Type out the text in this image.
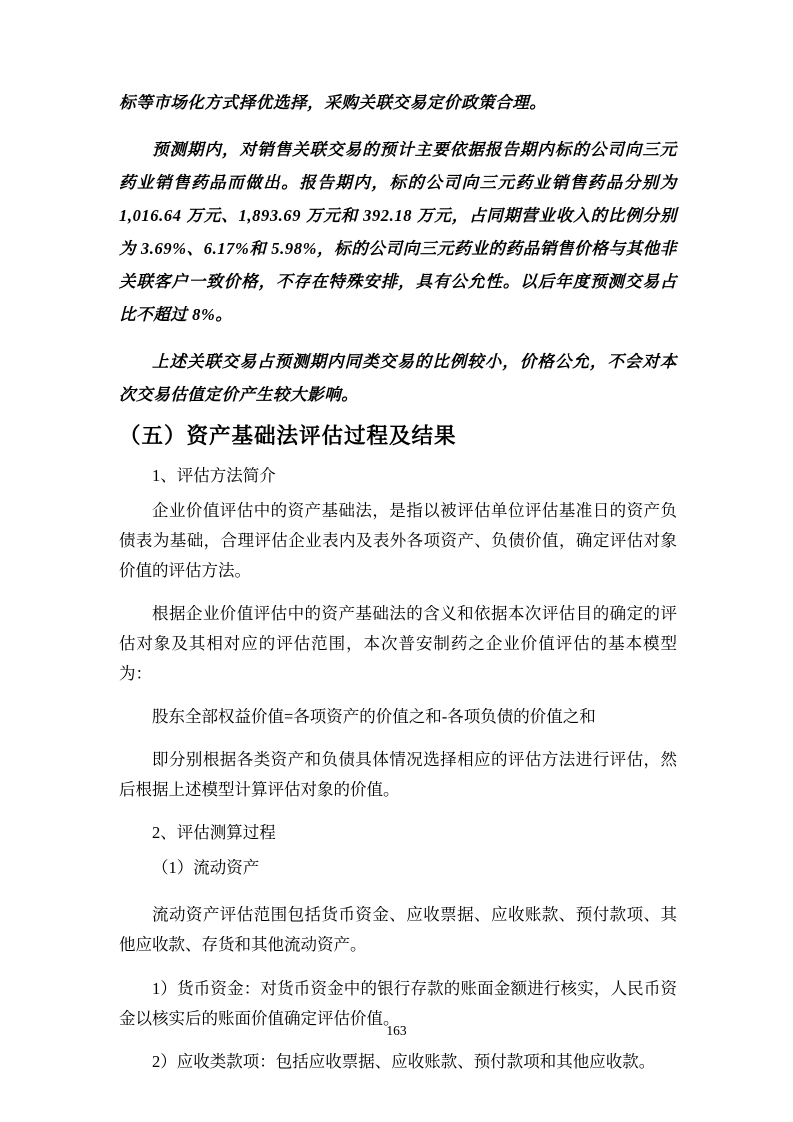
标等市场化方式择优选择，采购关联交易定价政策合理。

预测期内，对销售关联交易的预计主要依据报告期内标的公司向三元药业销售药品而做出。报告期内，标的公司向三元药业销售药品分别为 1,016.64 万元、1,893.69 万元和 392.18 万元，占同期营业收入的比例分别为 3.69%、6.17%和 5.98%，标的公司向三元药业的药品销售价格与其他非关联客户一致价格，不存在特殊安排，具有公允性。以后年度预测交易占比不超过 8%。

上述关联交易占预测期内同类交易的比例较小，价格公允，不会对本次交易估值定价产生较大影响。

（五）资产基础法评估过程及结果

1、评估方法简介

企业价值评估中的资产基础法，是指以被评估单位评估基准日的资产负债表为基础，合理评估企业表内及表外各项资产、负债价值，确定评估对象价值的评估方法。

根据企业价值评估中的资产基础法的含义和依据本次评估目的确定的评估对象及其相对应的评估范围，本次普安制药之企业价值评估的基本模型为：

股东全部权益价值=各项资产的价值之和-各项负债的价值之和

即分别根据各类资产和负债具体情况选择相应的评估方法进行评估，然后根据上述模型计算评估对象的价值。

2、评估测算过程

（1）流动资产

流动资产评估范围包括货币资金、应收票据、应收账款、预付款项、其他应收款、存货和其他流动资产。

1）货币资金：对货币资金中的银行存款的账面金额进行核实，人民币资金以核实后的账面价值确定评估价值。

2）应收类款项：包括应收票据、应收账款、预付款项和其他应收款。

163
